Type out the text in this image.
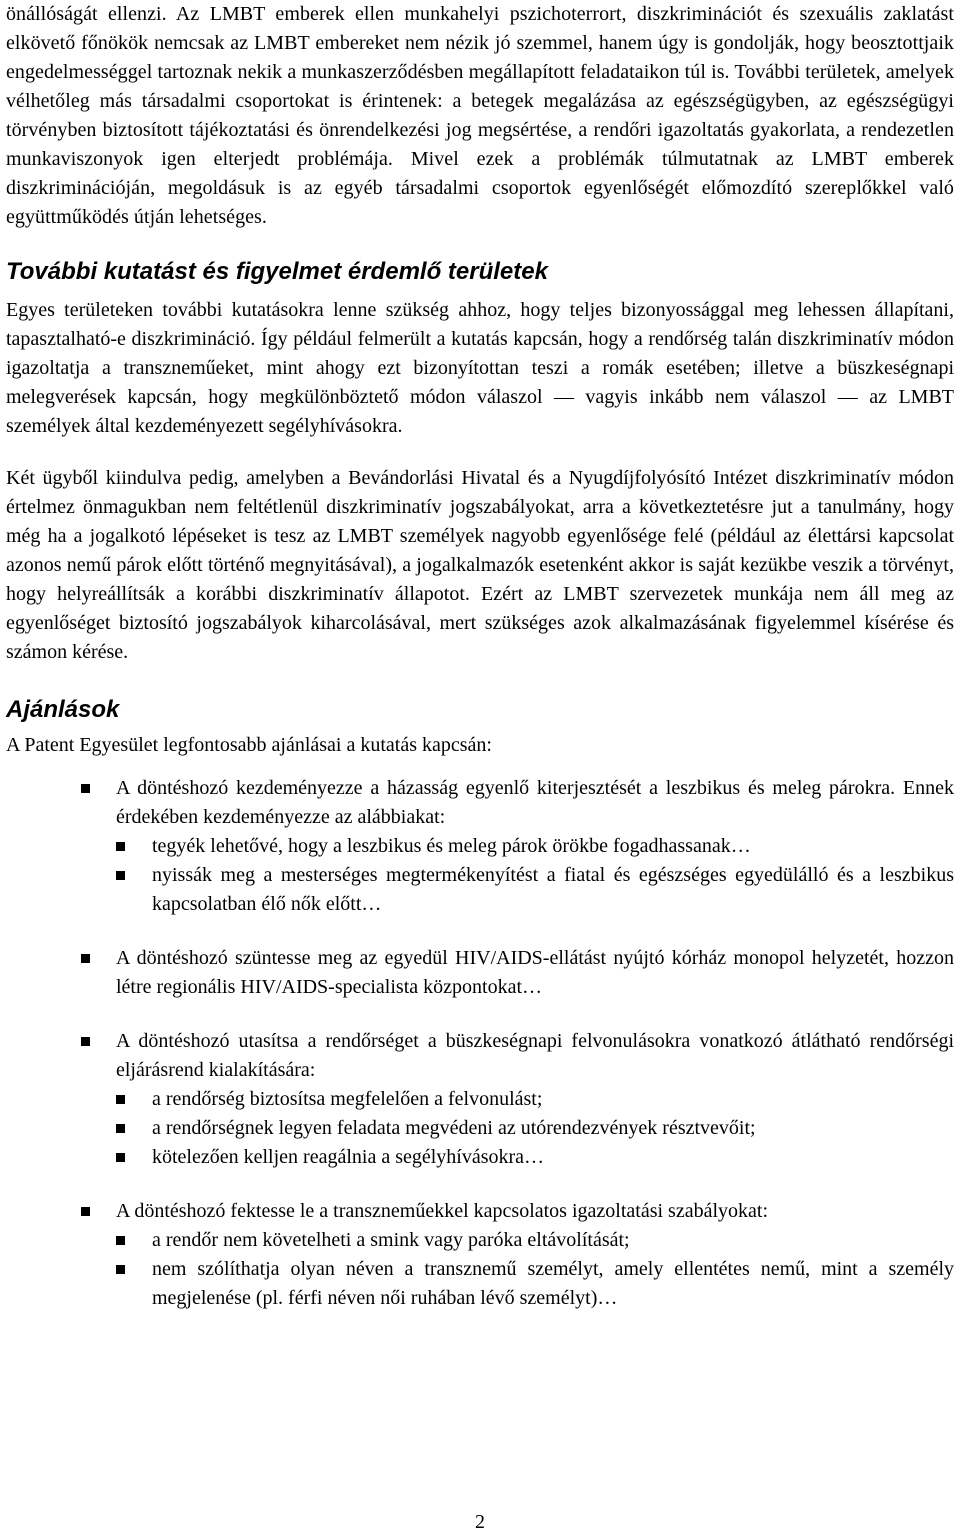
önállóságát ellenzi. Az LMBT emberek ellen munkahelyi pszichoterrort, diszkriminációt és szexuális zaklatást elkövető főnökök nemcsak az LMBT embereket nem nézik jó szemmel, hanem úgy is gondolják, hogy beosztottjaik engedelmességgel tartoznak nekik a munkaszerződésben megállapított feladataikon túl is. További területek, amelyek vélhetőleg más társadalmi csoportokat is érintenek: a betegek megalázása az egészségügyben, az egészségügyi törvényben biztosított tájékoztatási és önrendelkezési jog megsértése, a rendőri igazoltatás gyakorlata, a rendezetlen munkaviszonyok igen elterjedt problémája. Mivel ezek a problémák túlmutatnak az LMBT emberek diszkriminációján, megoldásuk is az egyéb társadalmi csoportok egyenlőségét előmozdító szereplőkkel való együttműködés útján lehetséges.

További kutatást és figyelmet érdemlő területek

Egyes területeken további kutatásokra lenne szükség ahhoz, hogy teljes bizonyossággal meg lehessen állapítani, tapasztalható-e diszkrimináció. Így például felmerült a kutatás kapcsán, hogy a rendőrség talán diszkriminatív módon igazoltatja a transzneműeket, mint ahogy ezt bizonyítottan teszi a romák esetében; illetve a büszkeségnapi melegverések kapcsán, hogy megkülönböztető módon válaszol — vagyis inkább nem válaszol — az LMBT személyek által kezdeményezett segélyhívásokra.

Két ügyből kiindulva pedig, amelyben a Bevándorlási Hivatal és a Nyugdíjfolyósító Intézet diszkriminatív módon értelmez önmagukban nem feltétlenül diszkriminatív jogszabályokat, arra a következtetésre jut a tanulmány, hogy még ha a jogalkotó lépéseket is tesz az LMBT személyek nagyobb egyenlősége felé (például az élettársi kapcsolat azonos nemű párok előtt történő megnyitásával), a jogalkalmazók esetenként akkor is saját kezükbe veszik a törvényt, hogy helyreállítsák a korábbi diszkriminatív állapotot. Ezért az LMBT szervezetek munkája nem áll meg az egyenlőséget biztosító jogszabályok kiharcolásával, mert szükséges azok alkalmazásának figyelemmel kísérése és számon kérése.

Ajánlások

A Patent Egyesület legfontosabb ajánlásai a kutatás kapcsán:

A döntéshozó kezdeményezze a házasság egyenlő kiterjesztését a leszbikus és meleg párokra. Ennek érdekében kezdeményezze az alábbiakat:
tegyék lehetővé, hogy a leszbikus és meleg párok örökbe fogadhassanak…
nyissák meg a mesterséges megtermékenyítést a fiatal és egészséges egyedülálló és a leszbikus kapcsolatban élő nők előtt…
A döntéshozó szüntesse meg az egyedül HIV/AIDS-ellátást nyújtó kórház monopol helyzetét, hozzon létre regionális HIV/AIDS-specialista központokat…
A döntéshozó utasítsa a rendőrséget a büszkeségnapi felvonulásokra vonatkozó átlátható rendőrségi eljárásrend kialakítására:
a rendőrség biztosítsa megfelelően a felvonulást;
a rendőrségnek legyen feladata megvédeni az utórendezvények résztvevőit;
kötelezően kelljen reagálnia a segélyhívásokra…
A döntéshozó fektesse le a transzneműekkel kapcsolatos igazoltatási szabályokat:
a rendőr nem követelheti a smink vagy paróka eltávolítását;
nem szólíthatja olyan néven a transznemű személyt, amely ellentétes nemű, mint a személy megjelenése (pl. férfi néven női ruhában lévő személyt)…
2
